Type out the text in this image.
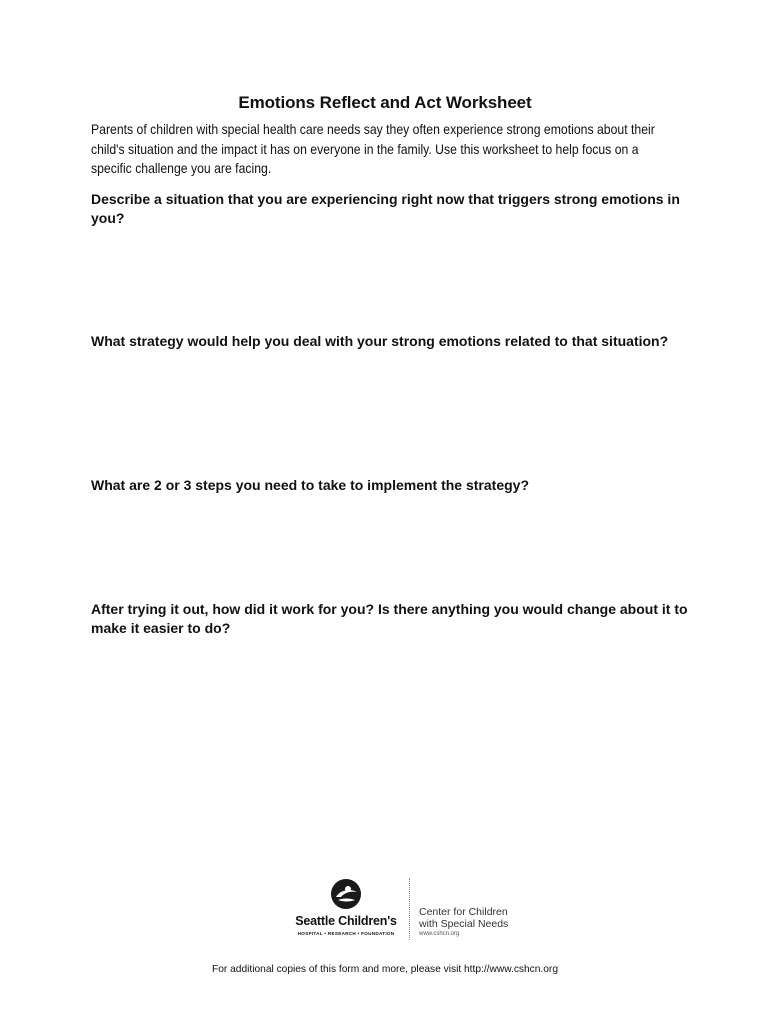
Emotions Reflect and Act Worksheet

Parents of children with special health care needs say they often experience strong emotions about their child's situation and the impact it has on everyone in the family. Use this worksheet to help focus on a specific challenge you are facing.

Describe a situation that you are experiencing right now that triggers strong emotions in you?

What strategy would help you deal with your strong emotions related to that situation?

What are 2 or 3 steps you need to take to implement the strategy?

After trying it out, how did it work for you? Is there anything you would change about it to make it easier to do?

Seattle Children's
HOSPITAL • RESEARCH • FOUNDATION
Center for Children
with Special Needs
www.cshcn.org

For additional copies of this form and more, please visit http://www.cshcn.org
